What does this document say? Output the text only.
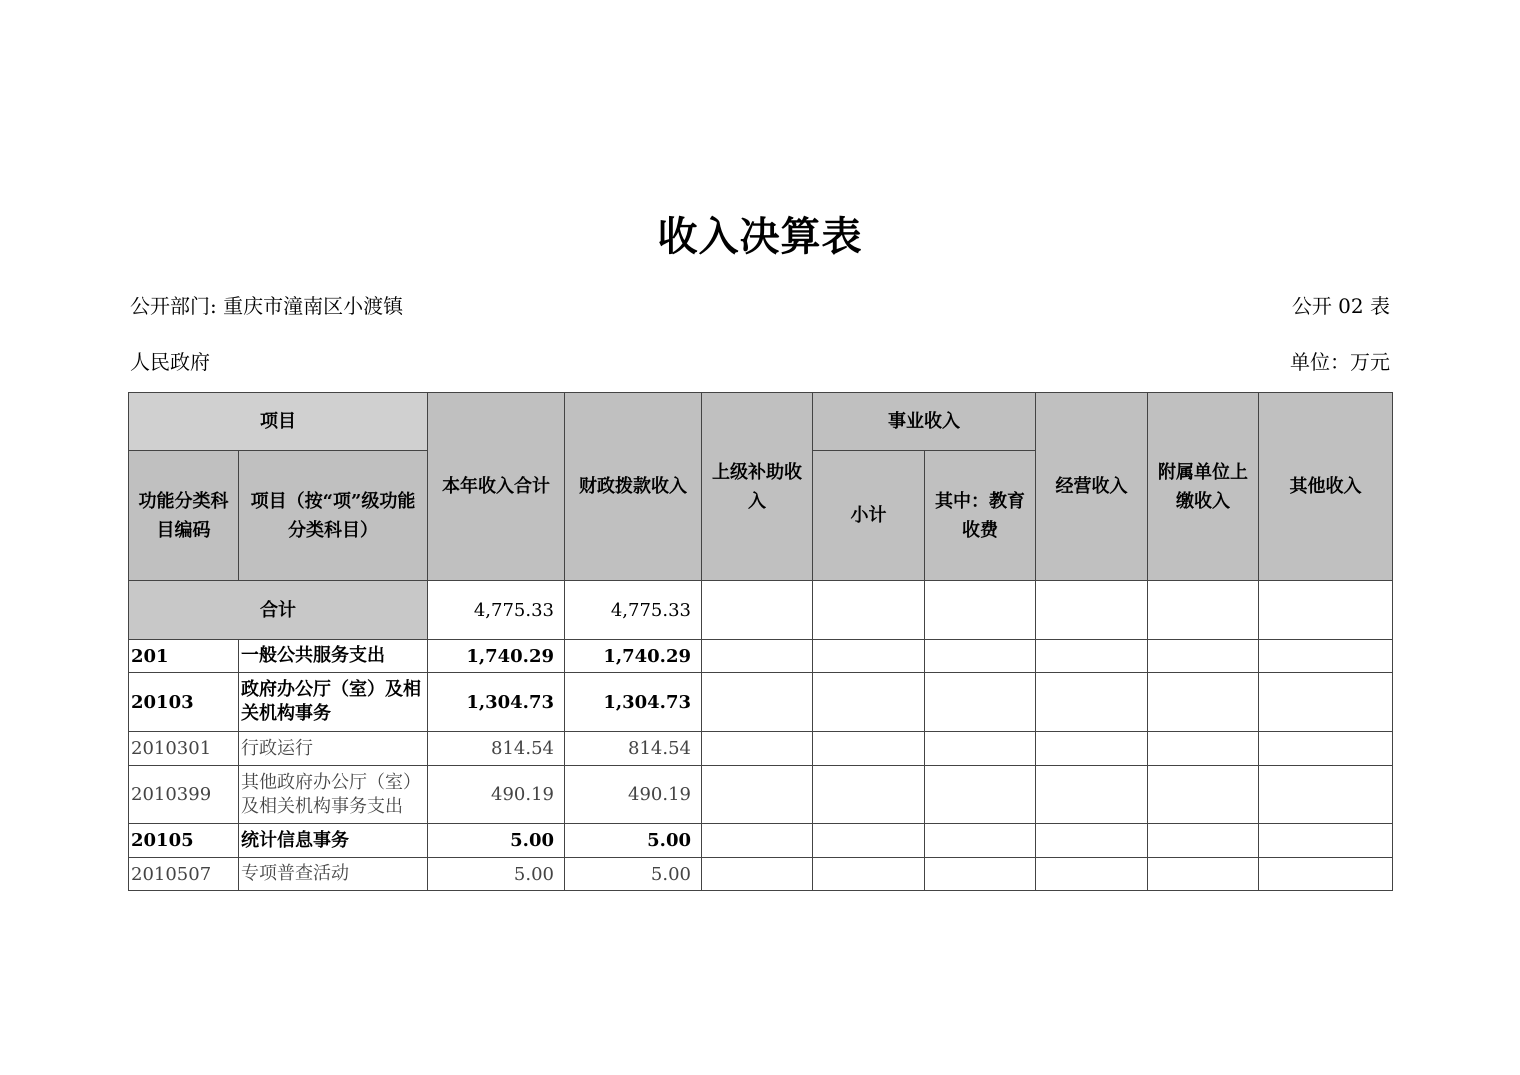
收入决算表
公开部门: 重庆市潼南区小渡镇
人民政府
公开 02 表
单位：万元
项目		本年收入合计	财政拨款收入	上级补助收入	事业收入		经营收入	附属单位上缴收入	其他收入
功能分类科目编码	项目（按“项”级功能分类科目）				小计	其中：教育收费			
合计		4,775.33	4,775.33						
201	一般公共服务支出	1,740.29	1,740.29						
20103	政府办公厅（室）及相关机构事务	1,304.73	1,304.73						
2010301	行政运行	814.54	814.54						
2010399	其他政府办公厅（室）及相关机构事务支出	490.19	490.19						
20105	统计信息事务	5.00	5.00						
2010507	专项普查活动	5.00	5.00						
